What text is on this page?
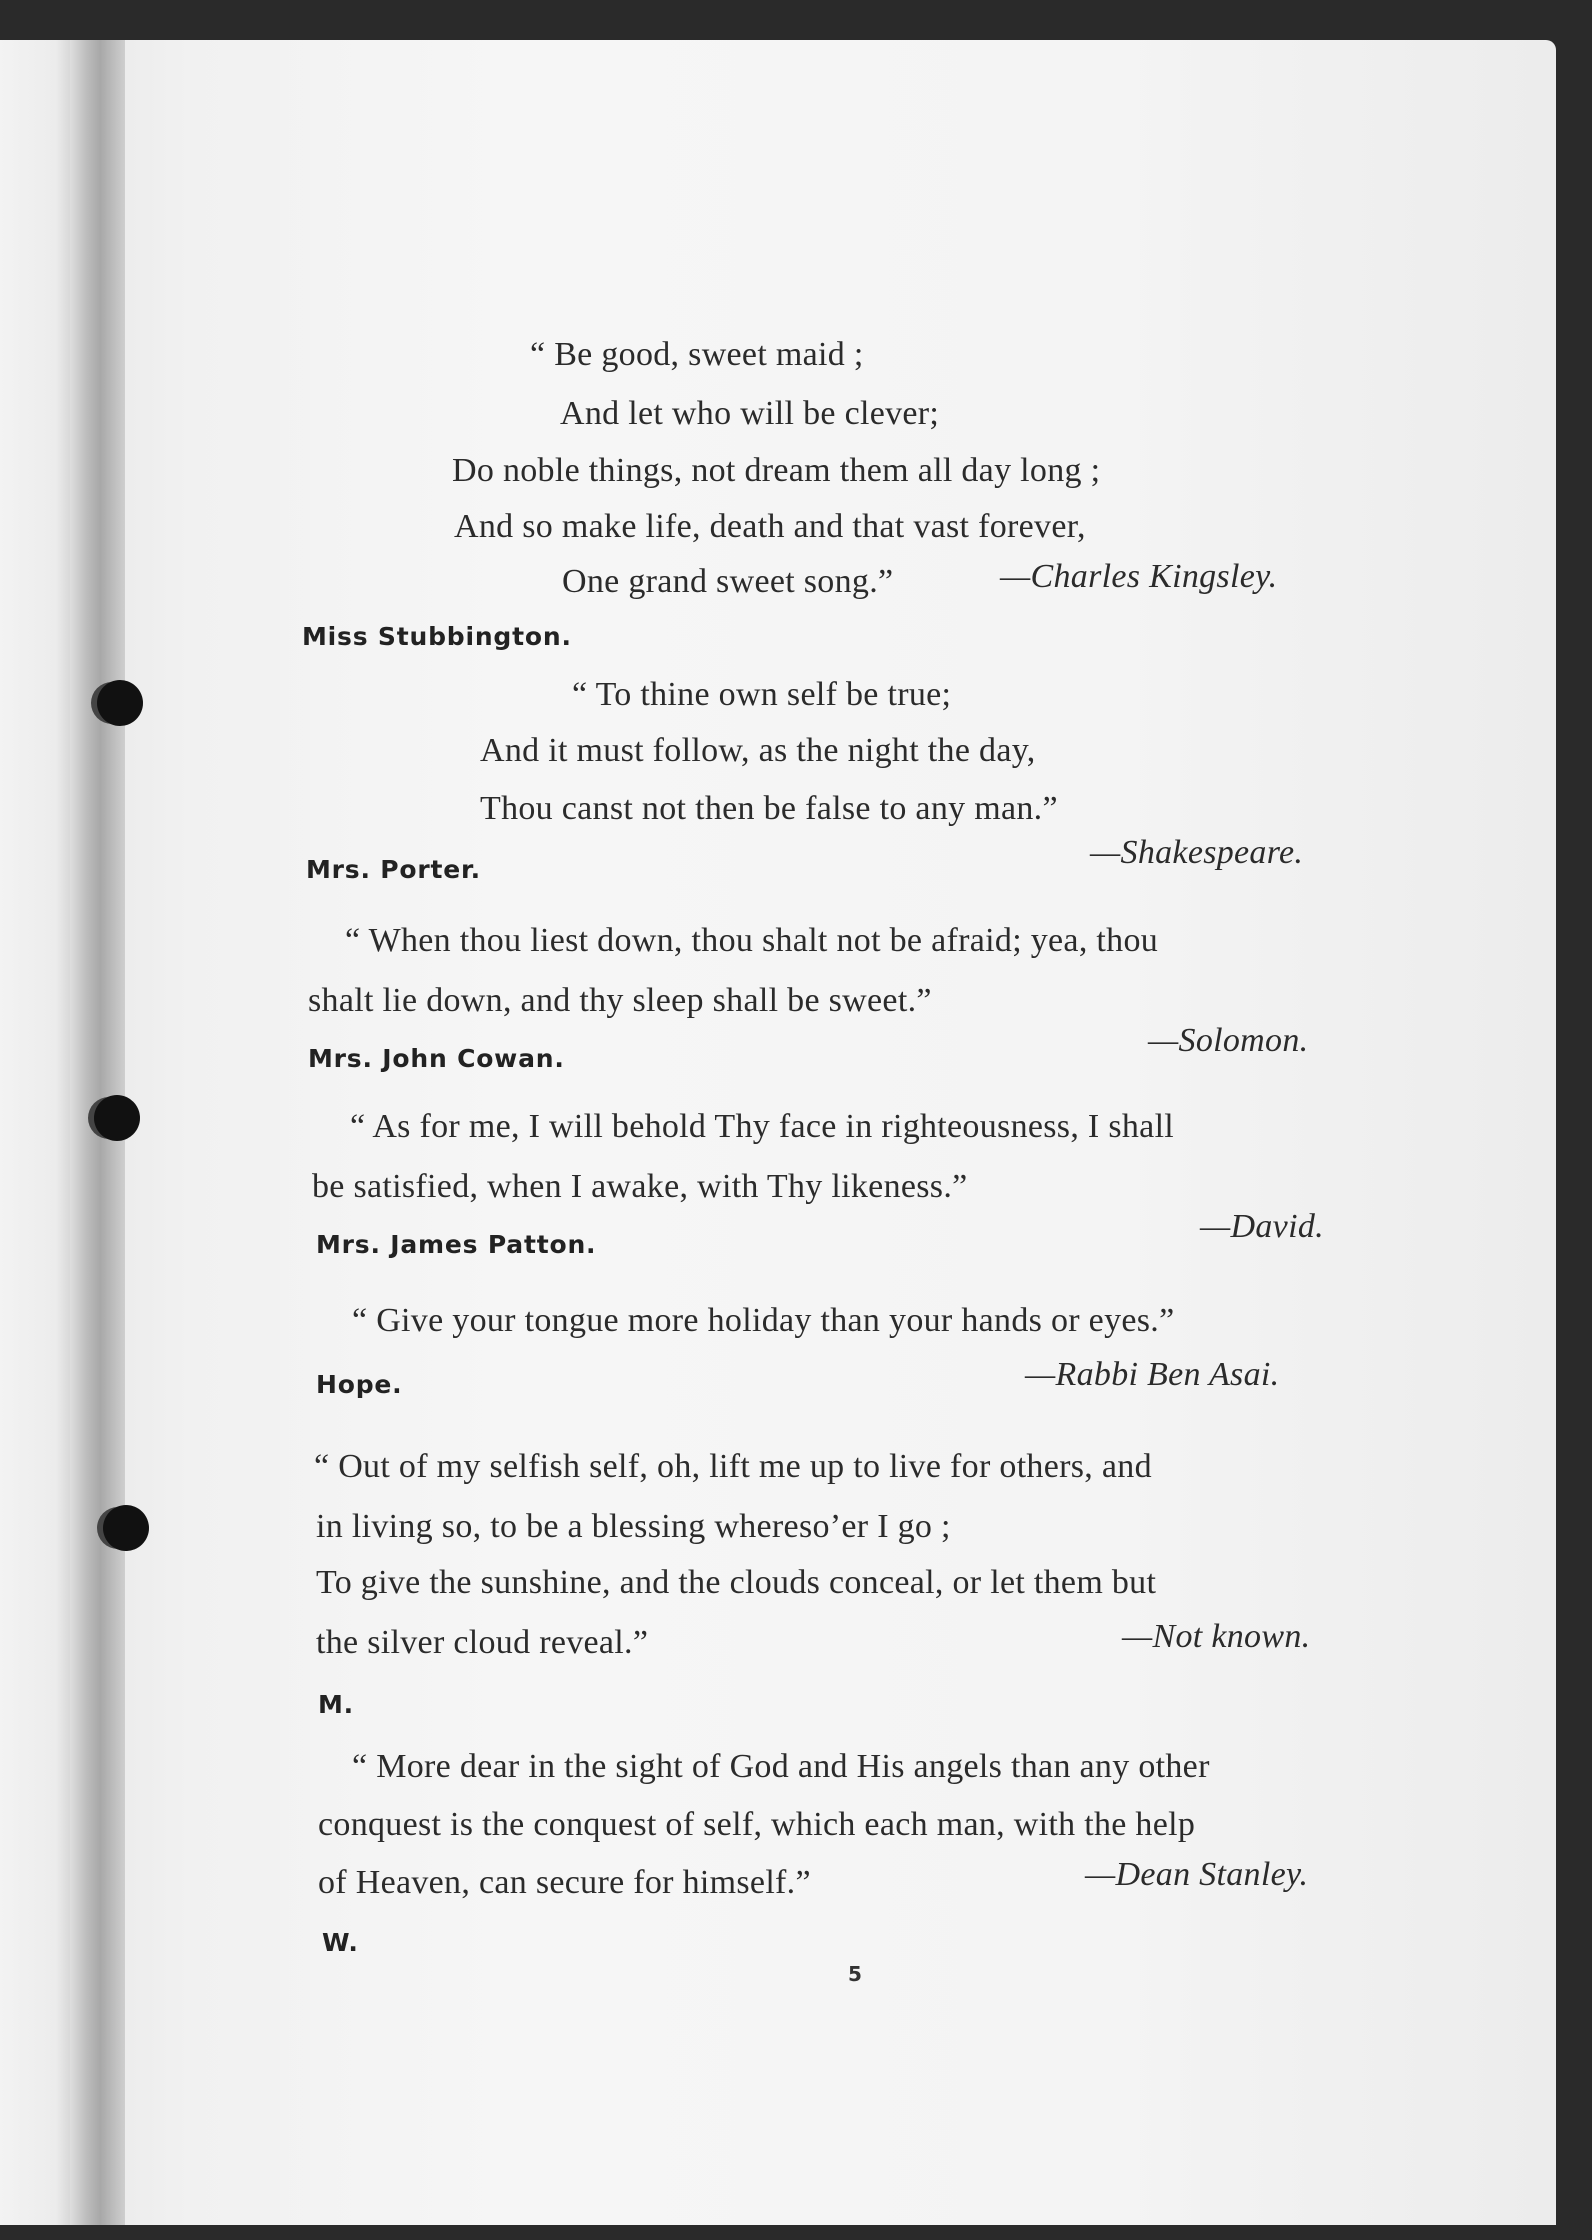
“ Be good, sweet maid ;
And let who will be clever;
Do noble things, not dream them all day long ;
And so make life, death and that vast forever,
One grand sweet song.”	—Charles Kingsley.
Miss Stubbington.
“ To thine own self be true;
And it must follow, as the night the day,
Thou canst not then be false to any man.”
—Shakespeare.
Mrs. Porter.
“ When thou liest down, thou shalt not be afraid; yea, thou
shalt lie down, and thy sleep shall be sweet.”
—Solomon.
Mrs. John Cowan.
“ As for me, I will behold Thy face in righteousness, I shall
be satisfied, when I awake, with Thy likeness.”
—David.
Mrs. James Patton.
“ Give your tongue more holiday than your hands or eyes.”
—Rabbi Ben Asai.
Hope.
“ Out of my selfish self, oh, lift me up to live for others, and
in living so, to be a blessing whereso’er I go ;
To give the sunshine, and the clouds conceal, or let them but
the silver cloud reveal.”	—Not known.
M.
“ More dear in the sight of God and His angels than any other
conquest is the conquest of self, which each man, with the help
of Heaven, can secure for himself.”	—Dean Stanley.
W.
5
